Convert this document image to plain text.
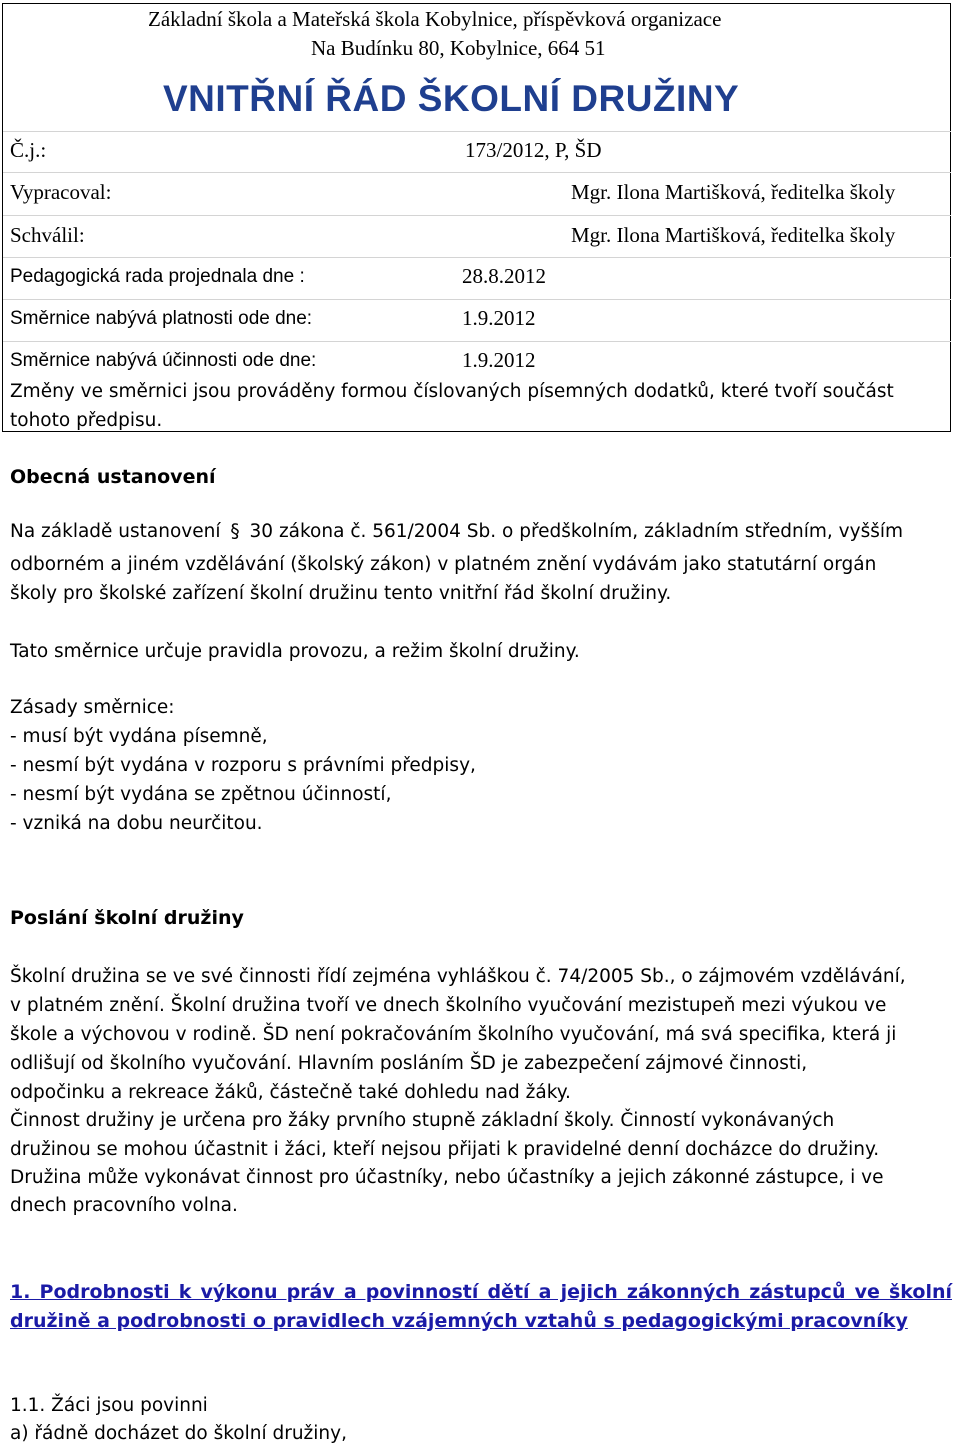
Základní škola a Mateřská škola Kobylnice, příspěvková organizace
Na Budínku 80, Kobylnice, 664 51
VNITŘNÍ ŘÁD ŠKOLNÍ DRUŽINY
Č.j.:	173/2012, P, ŠD
Vypracoval:	Mgr. Ilona Martišková, ředitelka školy
Schválil:	Mgr. Ilona Martišková, ředitelka školy
Pedagogická rada projednala dne :	28.8.2012
Směrnice nabývá platnosti ode dne:	1.9.2012
Směrnice nabývá účinnosti ode dne:	1.9.2012
Změny ve směrnici jsou prováděny formou číslovaných písemných dodatků, které tvoří součást
tohoto předpisu.
Obecná ustanovení
Na základě ustanovení § 30 zákona č. 561/2004 Sb. o předškolním, základním středním, vyšším
odborném a jiném vzdělávání (školský zákon) v platném znění vydávám jako statutární orgán
školy pro školské zařízení školní družinu tento vnitřní řád školní družiny.
Tato směrnice určuje pravidla provozu, a režim školní družiny.
Zásady směrnice:
- musí být vydána písemně,
- nesmí být vydána v rozporu s právními předpisy,
- nesmí být vydána se zpětnou účinností,
- vzniká na dobu neurčitou.
Poslání školní družiny
Školní družina se ve své činnosti řídí zejména vyhláškou č. 74/2005 Sb., o zájmovém vzdělávání,
v platném znění. Školní družina tvoří ve dnech školního vyučování mezistupeň mezi výukou ve
škole a výchovou v rodině. ŠD není pokračováním školního vyučování, má svá specifika, která ji
odlišují od školního vyučování. Hlavním posláním ŠD je zabezpečení zájmové činnosti,
odpočinku a rekreace žáků, částečně také dohledu nad žáky.
Činnost družiny je určena pro žáky prvního stupně základní školy. Činností vykonávaných
družinou se mohou účastnit i žáci, kteří nejsou přijati k pravidelné denní docházce do družiny.
Družina může vykonávat činnost pro účastníky, nebo účastníky a jejich zákonné zástupce, i ve
dnech pracovního volna.
1. Podrobnosti k výkonu práv a povinností dětí a jejich zákonných zástupců ve školní
družině a podrobnosti o pravidlech vzájemných vztahů s pedagogickými pracovníky
1.1. Žáci jsou povinni
a) řádně docházet do školní družiny,
